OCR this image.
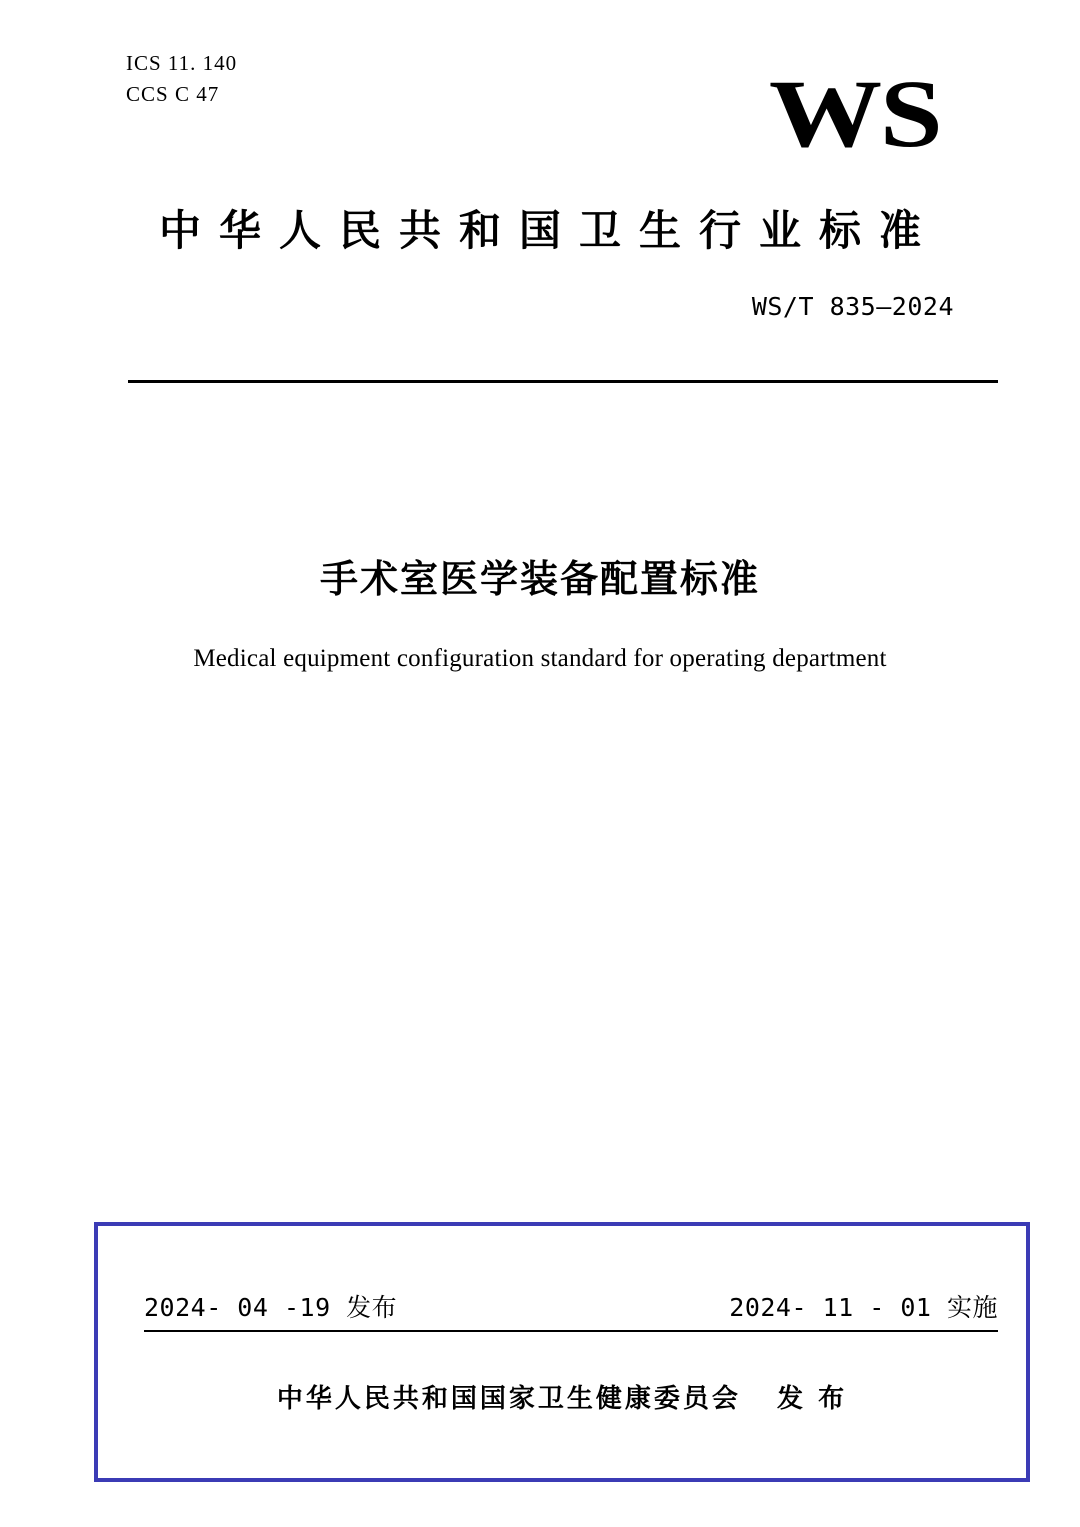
ICS 11. 140
CCS C 47	WS
中华人民共和国卫生行业标准
WS/T 835—2024
手术室医学装备配置标准
Medical equipment configuration standard for operating department
2024- 04 -19 发布	2024- 11 - 01 实施
中华人民共和国国家卫生健康委员会   发 布
